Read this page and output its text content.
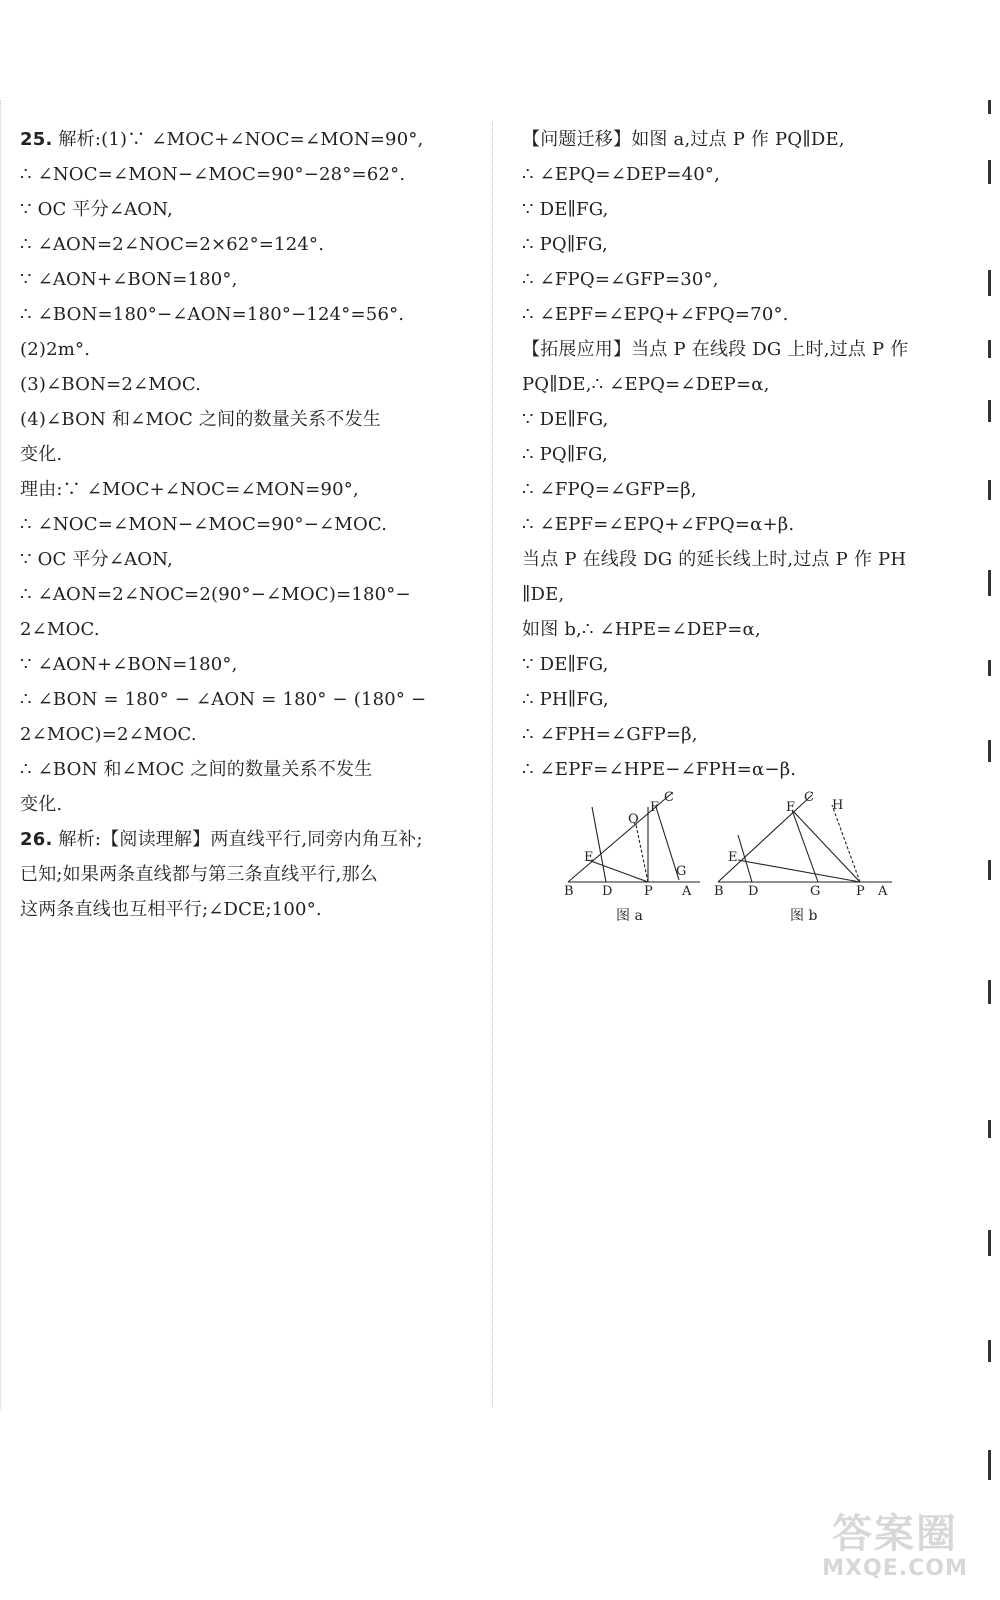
25. 解析:(1)∵ ∠MOC+∠NOC=∠MON=90°,
∴ ∠NOC=∠MON−∠MOC=90°−28°=62°.
∵ OC 平分∠AON,
∴ ∠AON=2∠NOC=2×62°=124°.
∵ ∠AON+∠BON=180°,
∴ ∠BON=180°−∠AON=180°−124°=56°.
(2)2m°.
(3)∠BON=2∠MOC.
(4)∠BON 和∠MOC 之间的数量关系不发生
变化.
理由:∵ ∠MOC+∠NOC=∠MON=90°,
∴ ∠NOC=∠MON−∠MOC=90°−∠MOC.
∵ OC 平分∠AON,
∴ ∠AON=2∠NOC=2(90°−∠MOC)=180°−
2∠MOC.
∵ ∠AON+∠BON=180°,
∴ ∠BON = 180° − ∠AON = 180° − (180° −
2∠MOC)=2∠MOC.
∴ ∠BON 和∠MOC 之间的数量关系不发生
变化.
26. 解析:【阅读理解】两直线平行,同旁内角互补;
已知;如果两条直线都与第三条直线平行,那么
这两条直线也互相平行;∠DCE;100°.
【问题迁移】如图 a,过点 P 作 PQ∥DE,
∴ ∠EPQ=∠DEP=40°,
∵ DE∥FG,
∴ PQ∥FG,
∴ ∠FPQ=∠GFP=30°,
∴ ∠EPF=∠EPQ+∠FPQ=70°.
【拓展应用】当点 P 在线段 DG 上时,过点 P 作
PQ∥DE,∴ ∠EPQ=∠DEP=α,
∵ DE∥FG,
∴ PQ∥FG,
∴ ∠FPQ=∠GFP=β,
∴ ∠EPF=∠EPQ+∠FPQ=α+β.
当点 P 在线段 DG 的延长线上时,过点 P 作 PH
∥DE,
如图 b,∴ ∠HPE=∠DEP=α,
∵ DE∥FG,
∴ PH∥FG,
∴ ∠FPH=∠GFP=β,
∴ ∠EPF=∠HPE−∠FPH=α−β.
B D P A
E
Q
F
C
G
图 a
B D	G	P A
E
F
C
H
图 b
答案圈
MXQE.COM
